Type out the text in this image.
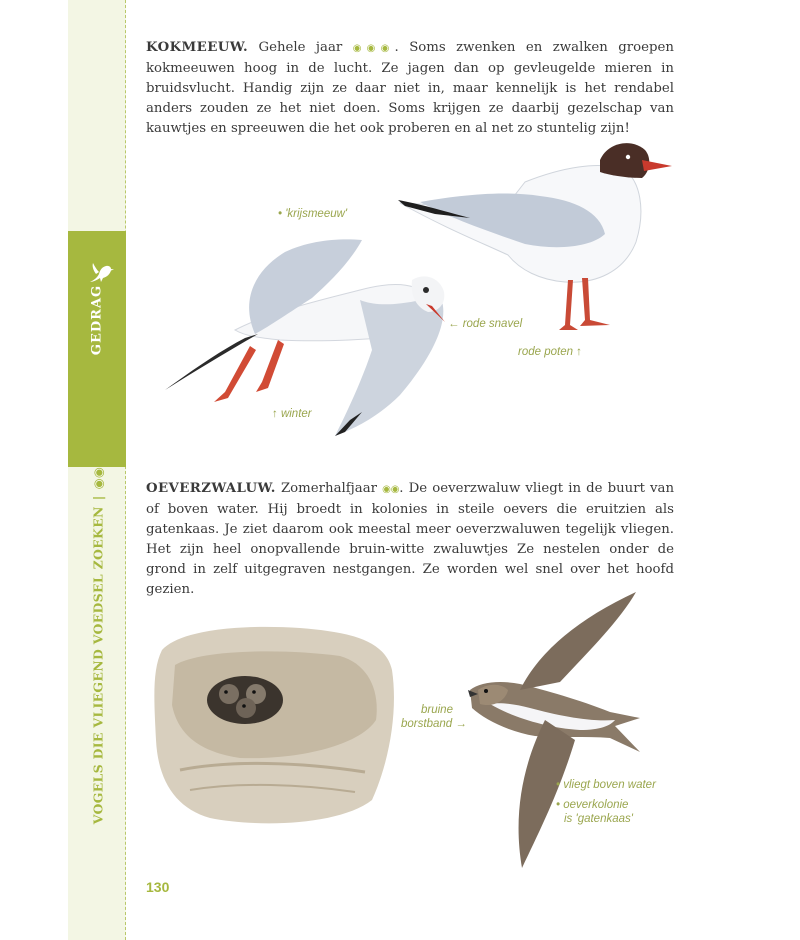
GEDRAG
VOGELS DIE VLIEGEND VOEDSEL ZOEKEN|◉◉◉

KOKMEEUW. Gehele jaar ◉◉◉. Soms zwenken en zwalken groepen kokmeeuwen hoog in de lucht. Ze jagen dan op gevleugelde mieren in bruidsvlucht. Handig zijn ze daar niet in, maar kennelijk is het rendabel anders zouden ze het niet doen. Soms krijgen ze daarbij gezelschap van kauwtjes en spreeuwen die het ook proberen en al net zo stuntelig zijn!

• 'krijsmeeuw'
← rode snavel
rode poten ↑
↑ winter

OEVERZWALUW. Zomerhalfjaar ◉◉. De oeverzwaluw vliegt in de buurt van of boven water. Hij broedt in kolonies in steile oevers die eruitzien als gatenkaas. Je ziet daarom ook meestal meer oeverzwaluwen tegelijk vliegen. Het zijn heel onopvallende bruin-witte zwaluwtjes Ze nestelen onder de grond in zelf uitgegraven nestgangen. Ze worden wel snel over het hoofd gezien.

bruine
borstband →
• vliegt boven water
• oeverkolonie
is 'gatenkaas'
130
